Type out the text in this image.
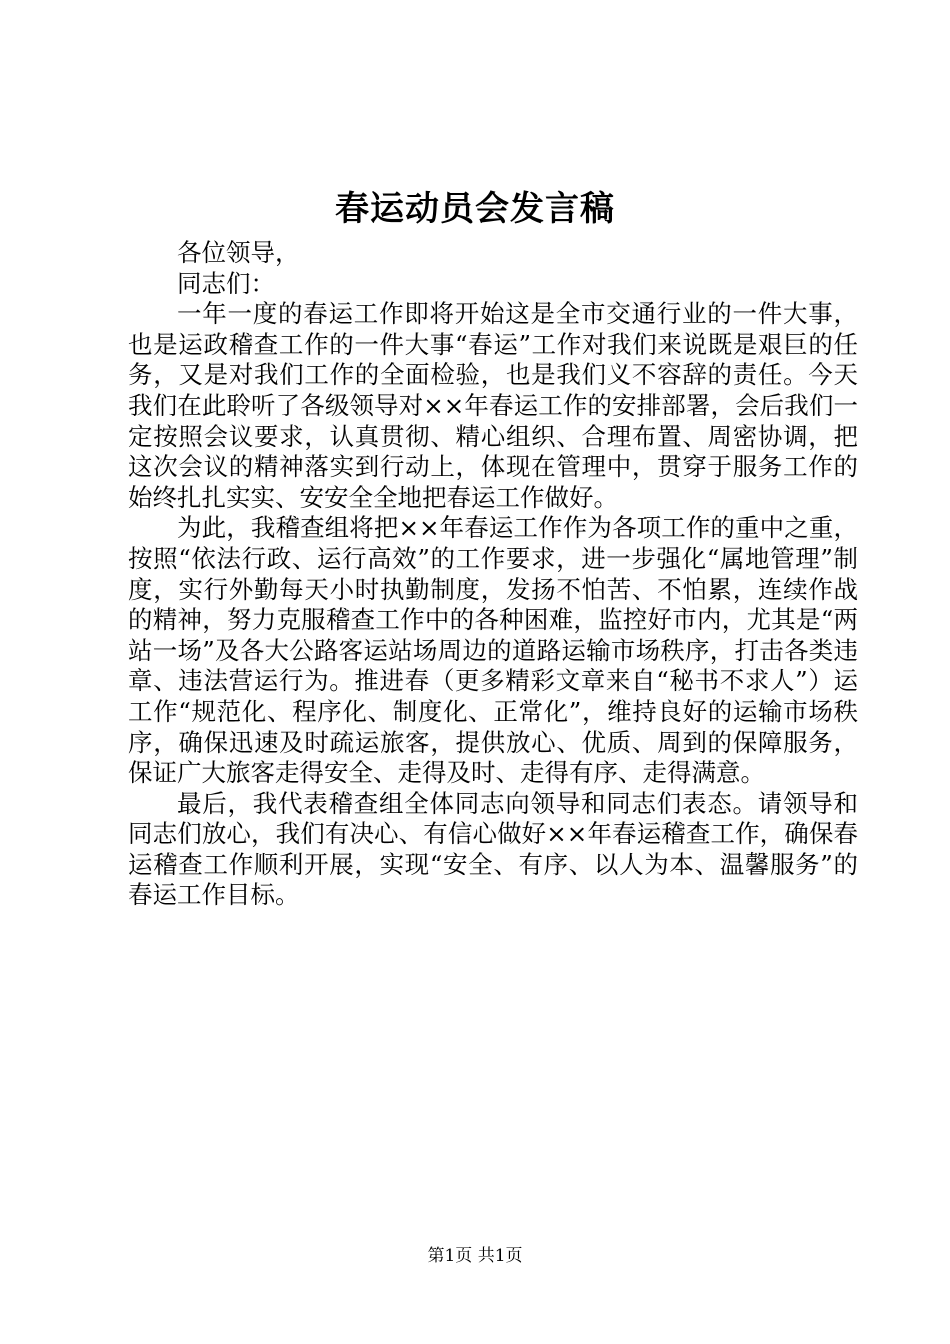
春运动员会发言稿

各位领导，

同志们：

一年一度的春运工作即将开始这是全市交通行业的一件大事，也是运政稽查工作的一件大事“春运”工作对我们来说既是艰巨的任务，又是对我们工作的全面检验，也是我们义不容辞的责任。今天我们在此聆听了各级领导对××年春运工作的安排部署，会后我们一定按照会议要求，认真贯彻、精心组织、合理布置、周密协调，把这次会议的精神落实到行动上，体现在管理中，贯穿于服务工作的始终扎扎实实、安安全全地把春运工作做好。

为此，我稽查组将把××年春运工作作为各项工作的重中之重，按照“依法行政、运行高效”的工作要求，进一步强化“属地管理”制度，实行外勤每天小时执勤制度，发扬不怕苦、不怕累，连续作战的精神，努力克服稽查工作中的各种困难，监控好市内，尤其是“两站一场”及各大公路客运站场周边的道路运输市场秩序，打击各类违章、违法营运行为。推进春（更多精彩文章来自“秘书不求人”）运工作“规范化、程序化、制度化、正常化”，维持良好的运输市场秩序，确保迅速及时疏运旅客，提供放心、优质、周到的保障服务，保证广大旅客走得安全、走得及时、走得有序、走得满意。

最后，我代表稽查组全体同志向领导和同志们表态。请领导和同志们放心，我们有决心、有信心做好××年春运稽查工作，确保春运稽查工作顺利开展，实现“安全、有序、以人为本、温馨服务”的春运工作目标。

第1页 共1页
